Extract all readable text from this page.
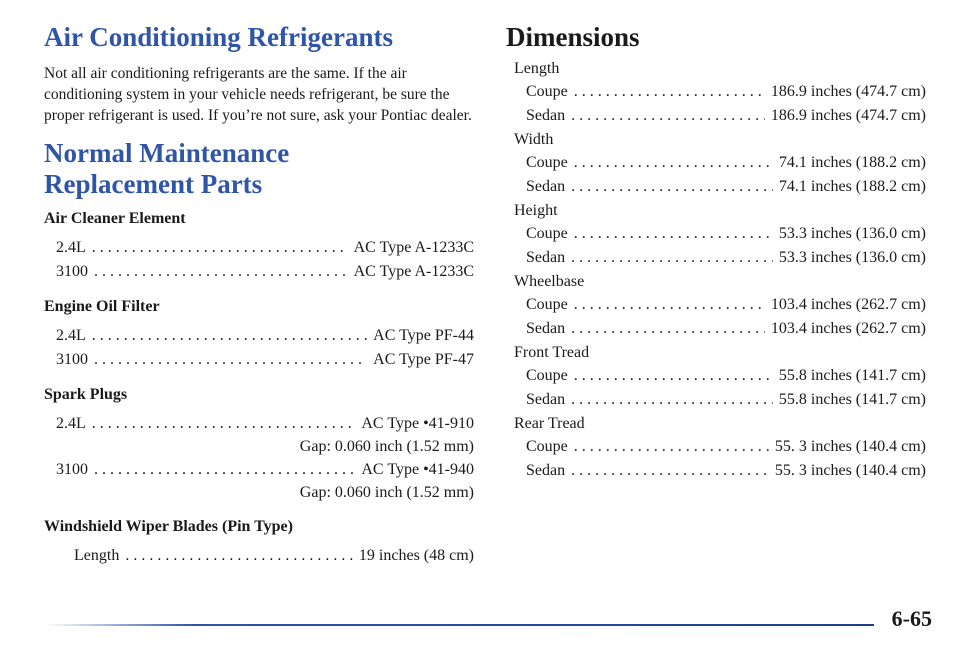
Air Conditioning Refrigerants

Not all air conditioning refrigerants are the same. If the air conditioning system in your vehicle needs refrigerant, be sure the proper refrigerant is used. If you’re not sure, ask your Pontiac dealer.

Normal Maintenance
Replacement Parts

Air Cleaner Element

2.4L . . .	AC Type A-1233C
3100 . . .	AC Type A-1233C

Engine Oil Filter

2.4L . . .	AC Type PF-44
3100 . . .	AC Type PF-47

Spark Plugs

2.4L . . .	AC Type •41-910
Gap: 0.060 inch (1.52 mm)
3100 . . .	AC Type •41-940
Gap: 0.060 inch (1.52 mm)

Windshield Wiper Blades (Pin Type)

Length . . .	19 inches (48 cm)
Dimensions
Length
Coupe . . .	186.9 inches (474.7 cm)
Sedan . . .	186.9 inches (474.7 cm)
Width
Coupe . . .	74.1 inches (188.2 cm)
Sedan . . .	74.1 inches (188.2 cm)
Height
Coupe . . .	53.3 inches (136.0 cm)
Sedan . . .	53.3 inches (136.0 cm)
Wheelbase
Coupe . . .	103.4 inches (262.7 cm)
Sedan . . .	103.4 inches (262.7 cm)
Front Tread
Coupe . . .	55.8 inches (141.7 cm)
Sedan . . .	55.8 inches (141.7 cm)
Rear Tread
Coupe . . .	55. 3 inches (140.4 cm)
Sedan . . .	55. 3 inches (140.4 cm)
6-65
